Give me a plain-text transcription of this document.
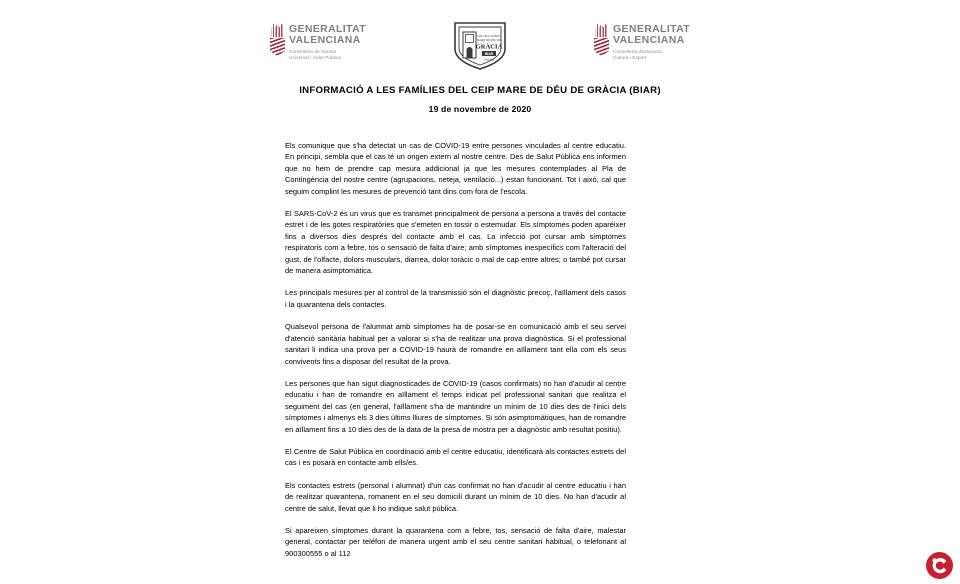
GENERALITAT
VALENCIANA
Conselleria de Sanitat
Universal i Salut Pública
COL·LEGI PÚBLIC
MARE DE DÉU DE
GRÀCIA
BIAR
(Alacant)
GENERALITAT
VALENCIANA
Conselleria d'Educació,
Cultura i Esport
INFORMACIÓ A LES FAMÍLIES DEL CEIP MARE DE DÉU DE GRÀCIA (BIAR)
19 de novembre de 2020

Els comunique que s'ha detectat un cas de COVID-19 entre persones vinculades al centre educatiu. En principi, sembla que el cas té un origen extern al nostre centre. Des de Salut Pública ens informen que no hem de prendre cap mesura addicional ja que les mesures contemplades al Pla de Contingència del nostre centre (agrupacions, neteja, ventilació...) estan funcionant. Tot i això, cal que seguim complint les mesures de prevenció tant dins com fora de l'escola.

El SARS-CoV-2 és un virus que es transmet principalment de persona a persona a través del contacte estret i de les gotes respiratòries que s'emeten en tossir o estemudar. Els símptomes poden aparéixer fins a diversos dies després del contacte amb el cas. La infecció pot cursar amb símptomes respiratoris com a febre, tos o sensació de falta d'aire; amb símptomes inespecífics com l'alteració del gust, de l'olfacte, dolors musculars, diarrea, dolor toràcic o mal de cap entre altres; o també pot cursar de manera asimptomàtica.

Les principals mesures per al control de la transmissió són el diagnòstic precoç, l'aïllament dels casos i la quarantena dels contactes.

Qualsevol persona de l'alumnat amb símptomes ha de posar-se en comunicació amb el seu servei d'atenció sanitària habitual per a valorar si s'ha de realitzar una prova diagnòstica. Si el professional sanitari li indica una prova per a COVID-19 haurà de romandre en aïllament tant ella com els seus convivents fins a disposar del resultat de la prova.

Les persones que han sigut diagnosticades de COVID-19 (casos confirmats) no han d'acudir al centre educatiu i han de romandre en aïllament el temps indicat pel professional sanitari que realitza el seguiment del cas (en general, l'aïllament s'ha de mantindre un mínim de 10 dies des de l'inici dels símptomes i almenys els 3 dies últims lliures de símptomes. Si són asimptomàtiques, han de romandre en aïllament fins a 10 dies des de la data de la presa de mostra per a diagnòstic amb resultat positiu).

El Centre de Salut Pública en coordinació amb el centre educatiu, identificarà als contactes estrets del cas i es posarà en contacte amb ells/es.

Els contactes estrets (personal i alumnat) d'un cas confirmat no han d'acudir al centre educatiu i han de realitzar quarantena, romanent en el seu domicili durant un mínim de 10 dies. No han d'acudir al centre de salut, llevat que li ho indique salut pública.

Si apareixen símptomes durant la quarantena com a febre, tos, sensació de falta d'aire, malestar general, contactar per teléfon de manera urgent amb el seu centre sanitari habitual, o telefonant al 900300555 o al 112
